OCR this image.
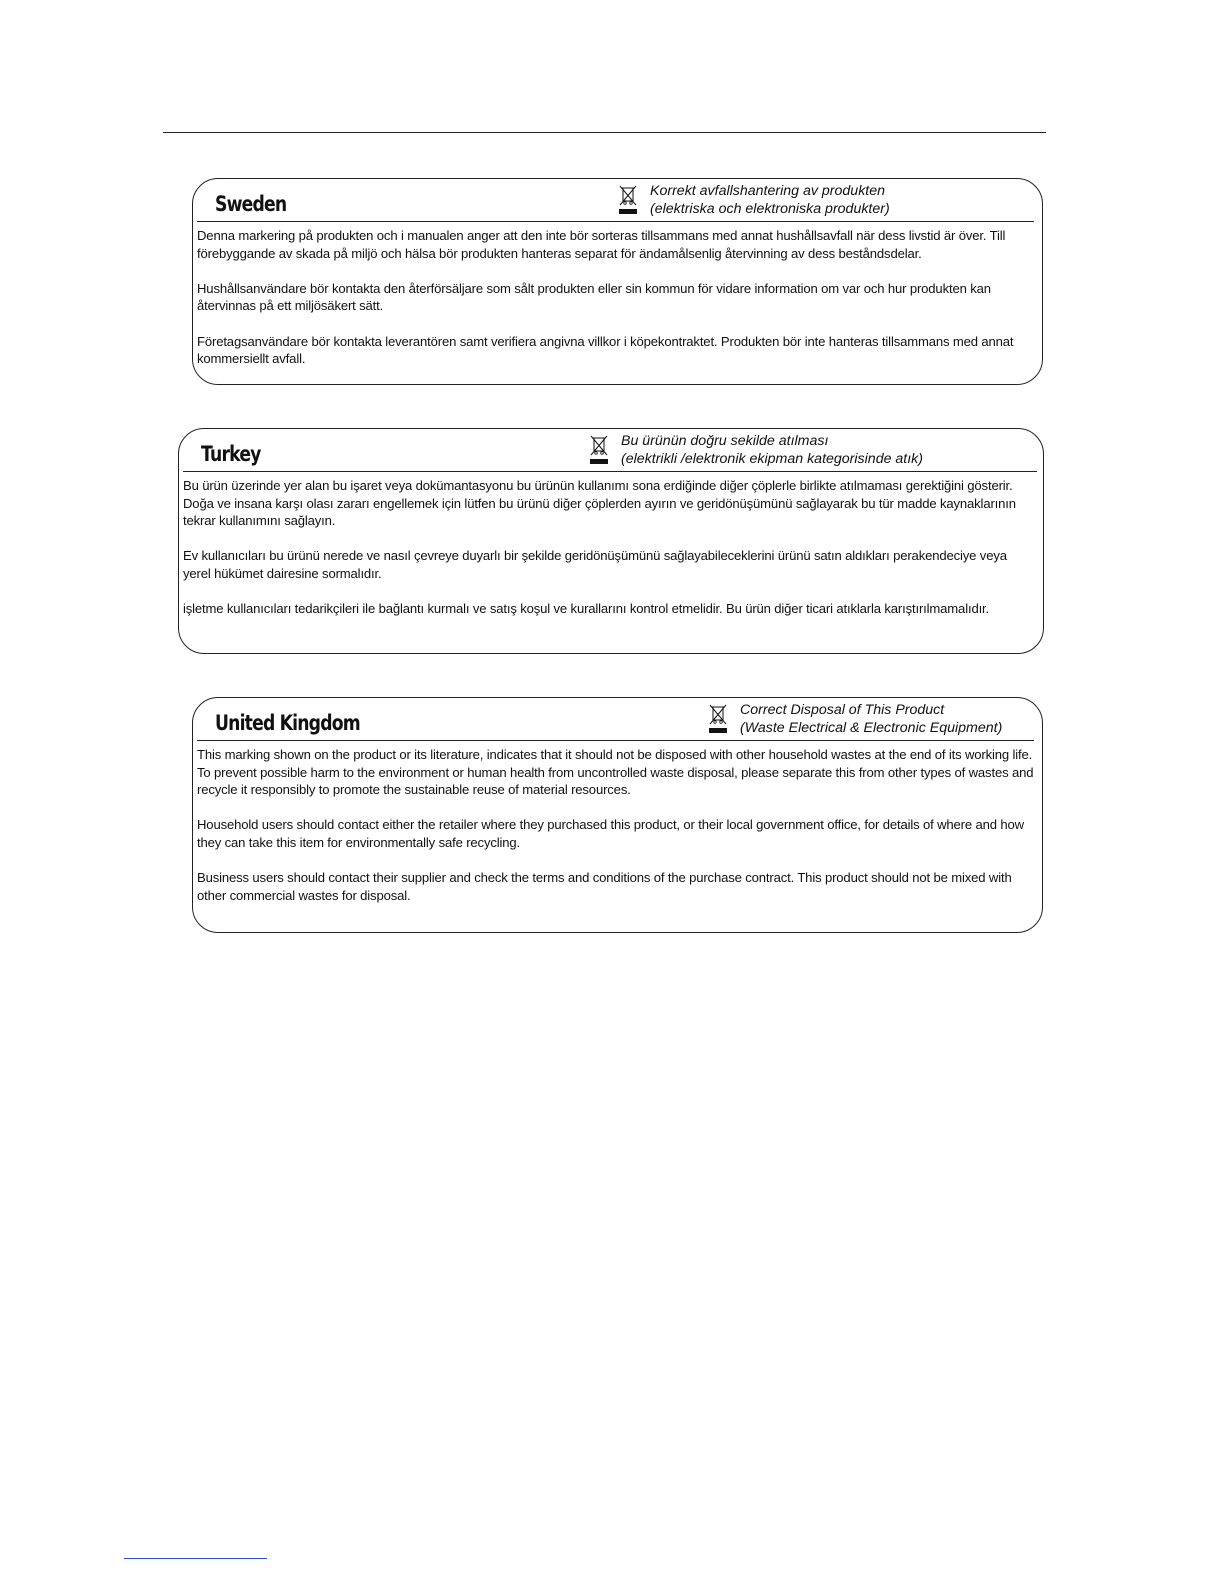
Sweden
Korrekt avfallshantering av produkten
(elektriska och elektroniska produkter)

Denna markering på produkten och i manualen anger att den inte bör sorteras tillsammans med annat hushållsavfall när dess livstid är över. Till förebyggande av skada på miljö och hälsa bör produkten hanteras separat för ändamålsenlig återvinning av dess beståndsdelar.

Hushållsanvändare bör kontakta den återförsäljare som sålt produkten eller sin kommun för vidare information om var och hur produkten kan återvinnas på ett miljösäkert sätt.

Företagsanvändare bör kontakta leverantören samt verifiera angivna villkor i köpekontraktet. Produkten bör inte hanteras tillsammans med annat kommersiellt avfall.

Turkey
Bu ürünün doğru sekilde atılması
(elektrikli /elektronik ekipman kategorisinde atık)

Bu ürün üzerinde yer alan bu işaret veya dokümantasyonu bu ürünün kullanımı sona erdiğinde diğer çöplerle birlikte atılmaması gerektiğini gösterir. Doğa ve insana karşı olası zararı engellemek için lütfen bu ürünü diğer çöplerden ayırın ve geridönüşümünü sağlayarak bu tür madde kaynaklarının tekrar kullanımını sağlayın.

Ev kullanıcıları bu ürünü nerede ve nasıl çevreye duyarlı bir şekilde geridönüşümünü sağlayabileceklerini ürünü satın aldıkları perakendeciye veya yerel hükümet dairesine sormalıdır.

işletme kullanıcıları tedarikçileri ile bağlantı kurmalı ve satış koşul ve kurallarını kontrol etmelidir. Bu ürün diğer ticari atıklarla karıştırılmamalıdır.

United Kingdom
Correct Disposal of This Product
(Waste Electrical & Electronic Equipment)

This marking shown on the product or its literature, indicates that it should not be disposed with other household wastes at the end of its working life. To prevent possible harm to the environment or human health from uncontrolled waste disposal, please separate this from other types of wastes and recycle it responsibly to promote the sustainable reuse of material resources.

Household users should contact either the retailer where they purchased this product, or their local government office, for details of where and how they can take this item for environmentally safe recycling.

Business users should contact their supplier and check the terms and conditions of the purchase contract. This product should not be mixed with other commercial wastes for disposal.
